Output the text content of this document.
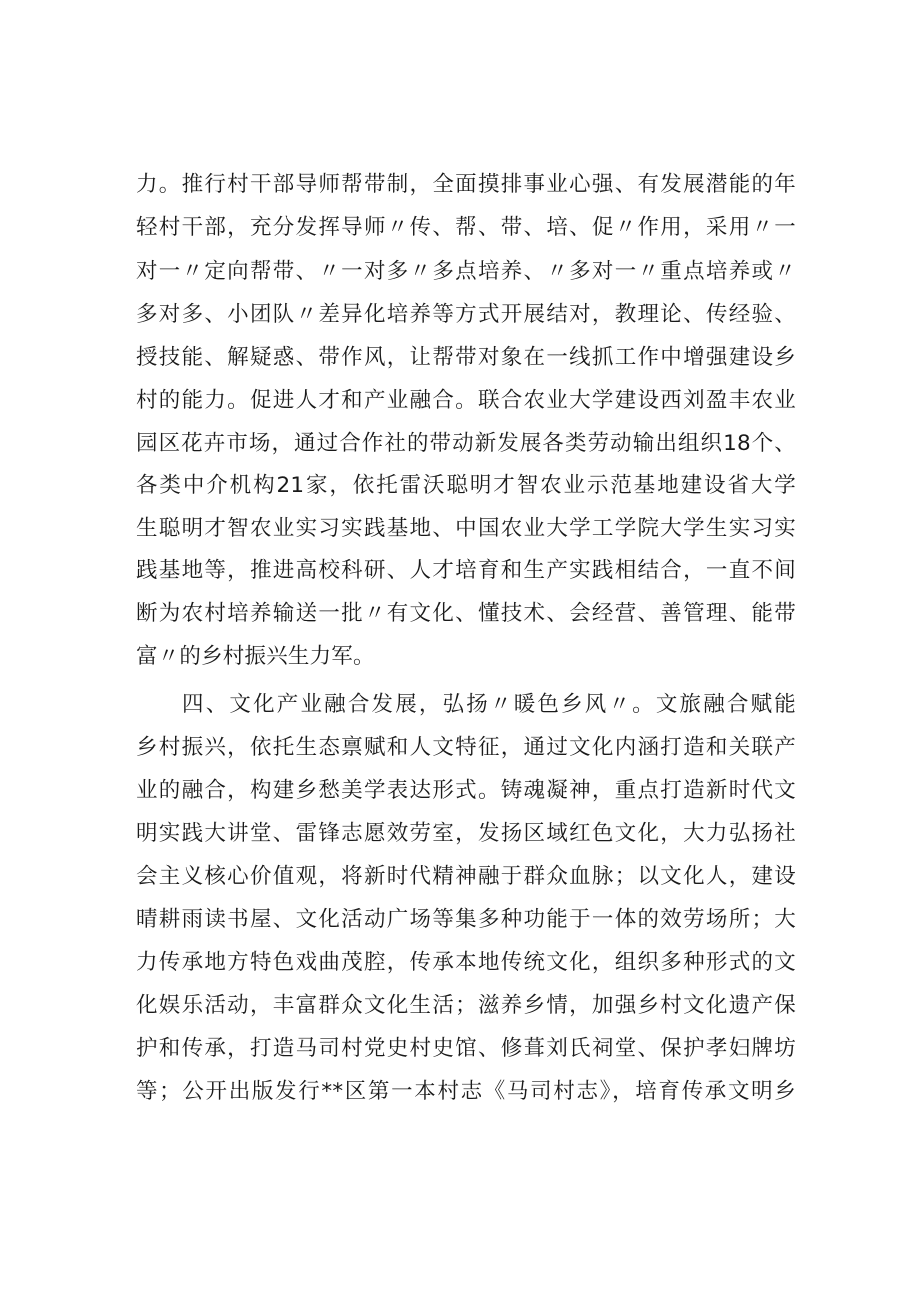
力。推行村干部导师帮带制，全面摸排事业心强、有发展潜能的年
轻村干部，充分发挥导师〃传、帮、带、培、促〃作用，采用〃一
对一〃定向帮带、〃一对多〃多点培养、〃多对一〃重点培养或〃
多对多、小团队〃差异化培养等方式开展结对，教理论、传经验、
授技能、解疑惑、带作风，让帮带对象在一线抓工作中增强建设乡
村的能力。促进人才和产业融合。联合农业大学建设西刘盈丰农业
园区花卉市场，通过合作社的带动新发展各类劳动输出组织18个、
各类中介机构21家，依托雷沃聪明才智农业示范基地建设省大学
生聪明才智农业实习实践基地、中国农业大学工学院大学生实习实
践基地等，推进高校科研、人才培育和生产实践相结合，一直不间
断为农村培养输送一批〃有文化、懂技术、会经营、善管理、能带
富〃的乡村振兴生力军。
四、文化产业融合发展，弘扬〃暖色乡风〃。文旅融合赋能
乡村振兴，依托生态禀赋和人文特征，通过文化内涵打造和关联产
业的融合，构建乡愁美学表达形式。铸魂凝神，重点打造新时代文
明实践大讲堂、雷锋志愿效劳室，发扬区域红色文化，大力弘扬社
会主义核心价值观，将新时代精神融于群众血脉；以文化人，建设
晴耕雨读书屋、文化活动广场等集多种功能于一体的效劳场所；大
力传承地方特色戏曲茂腔，传承本地传统文化，组织多种形式的文
化娱乐活动，丰富群众文化生活；滋养乡情，加强乡村文化遗产保
护和传承，打造马司村党史村史馆、修葺刘氏祠堂、保护孝妇牌坊
等；公开出版发行**区第一本村志《马司村志》，培育传承文明乡
